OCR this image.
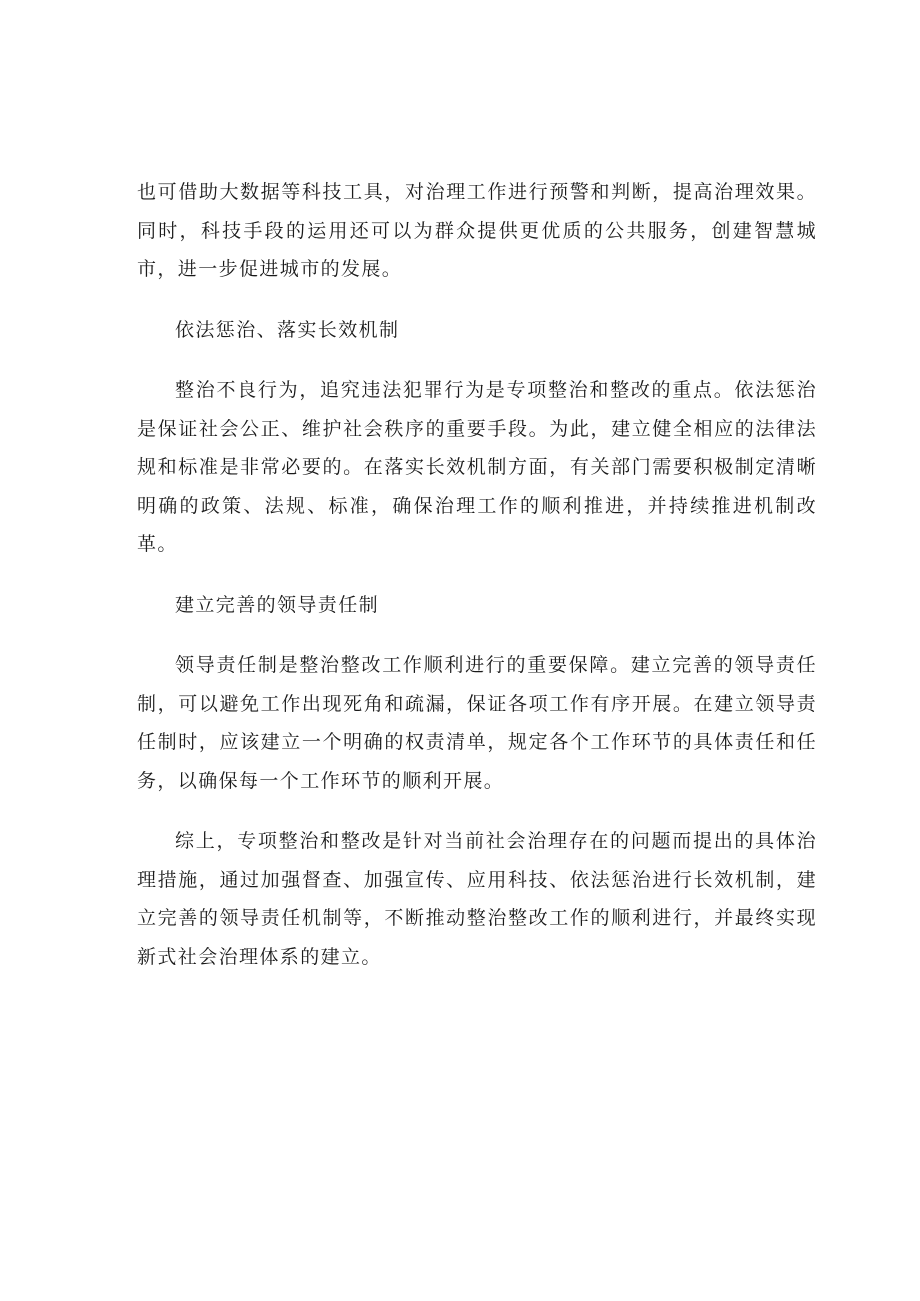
也可借助大数据等科技工具，对治理工作进行预警和判断，提高治理效果。同时，科技手段的运用还可以为群众提供更优质的公共服务，创建智慧城市，进一步促进城市的发展。

依法惩治、落实长效机制

整治不良行为，追究违法犯罪行为是专项整治和整改的重点。依法惩治是保证社会公正、维护社会秩序的重要手段。为此，建立健全相应的法律法规和标准是非常必要的。在落实长效机制方面，有关部门需要积极制定清晰明确的政策、法规、标准，确保治理工作的顺利推进，并持续推进机制改革。

建立完善的领导责任制

领导责任制是整治整改工作顺利进行的重要保障。建立完善的领导责任制，可以避免工作出现死角和疏漏，保证各项工作有序开展。在建立领导责任制时，应该建立一个明确的权责清单，规定各个工作环节的具体责任和任务，以确保每一个工作环节的顺利开展。

综上，专项整治和整改是针对当前社会治理存在的问题而提出的具体治理措施，通过加强督查、加强宣传、应用科技、依法惩治进行长效机制，建立完善的领导责任机制等，不断推动整治整改工作的顺利进行，并最终实现新式社会治理体系的建立。
